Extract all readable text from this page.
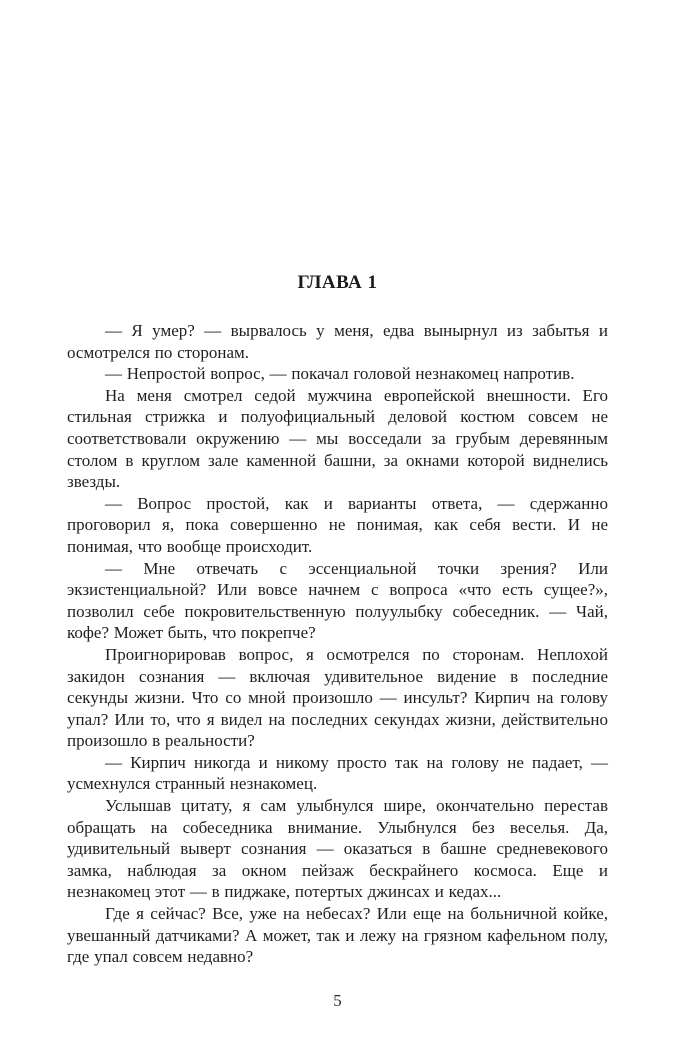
ГЛАВА 1

— Я умер? — вырвалось у меня, едва вынырнул из забытья и осмотрелся по сторонам.

— Непростой вопрос, — покачал головой незнакомец напротив.

На меня смотрел седой мужчина европейской внешности. Его стильная стрижка и полуофициальный деловой костюм совсем не соответствовали окружению — мы восседали за грубым деревянным столом в круглом зале каменной башни, за окнами которой виднелись звезды.

— Вопрос простой, как и варианты ответа, — сдержанно проговорил я, пока совершенно не понимая, как себя вести. И не понимая, что вообще происходит.

— Мне отвечать с эссенциальной точки зрения? Или экзистенциальной? Или вовсе начнем с вопроса «что есть сущее?», позволил себе покровительственную полуулыбку собеседник. — Чай, кофе? Может быть, что покрепче?

Проигнорировав вопрос, я осмотрелся по сторонам. Неплохой закидон сознания — включая удивительное видение в последние секунды жизни. Что со мной произошло — инсульт? Кирпич на голову упал? Или то, что я видел на последних секундах жизни, действительно произошло в реальности?

— Кирпич никогда и никому просто так на голову не падает, — усмехнулся странный незнакомец.

Услышав цитату, я сам улыбнулся шире, окончательно перестав обращать на собеседника внимание. Улыбнулся без веселья. Да, удивительный выверт сознания — оказаться в башне средневекового замка, наблюдая за окном пейзаж бескрайнего космоса. Еще и незнакомец этот — в пиджаке, потертых джинсах и кедах...

Где я сейчас? Все, уже на небесах? Или еще на больничной койке, увешанный датчиками? А может, так и лежу на грязном кафельном полу, где упал совсем недавно?

5
